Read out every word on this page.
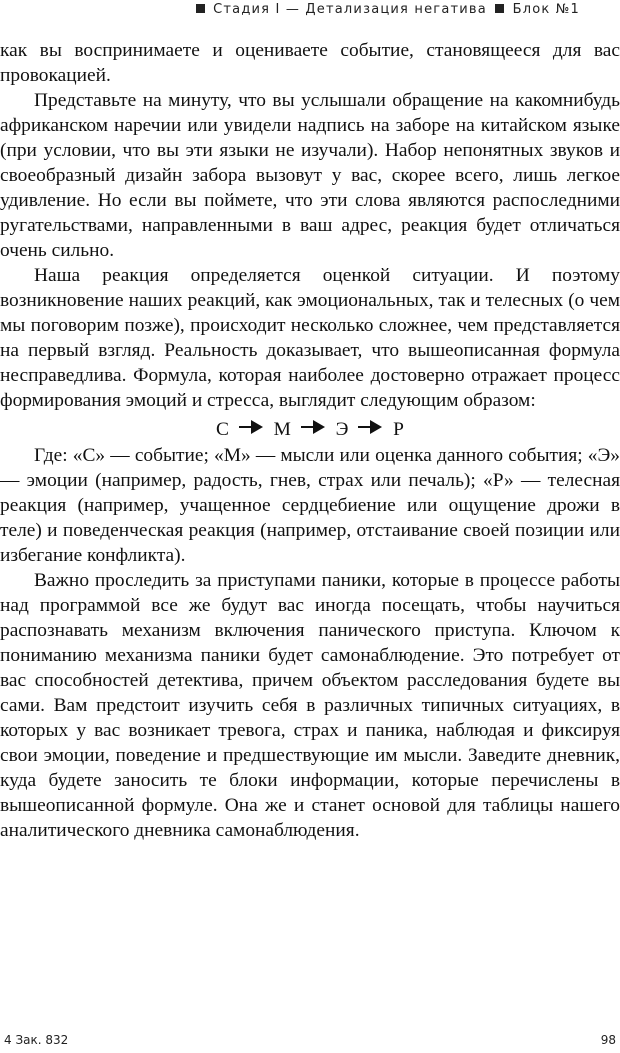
Стадия I — Детализация негатива Блок №1

как вы воспринимаете и оцениваете событие, становящееся для вас провокацией.

Представьте на минуту, что вы услышали обращение на какомнибудь африканском наречии или увидели надпись на заборе на китайском языке (при условии, что вы эти языки не изучали). Набор непонятных звуков и своеобразный дизайн забора вызовут у вас, скорее всего, лишь легкое удивление. Но если вы поймете, что эти слова являются распоследними ругательствами, направленными в ваш адрес, реакция будет отличаться очень сильно.

Наша реакция определяется оценкой ситуации. И поэтому возникновение наших реакций, как эмоциональных, так и телесных (о чем мы поговорим позже), происходит несколько сложнее, чем представляется на первый взгляд. Реальность доказывает, что вышеописанная формула несправедлива. Формула, которая наиболее достоверно отражает процесс формирования эмоций и стресса, выглядит следующим образом:

С М Э Р

Где: «С» — событие; «М» — мысли или оценка данного события; «Э» — эмоции (например, радость, гнев, страх или печаль); «Р» — телесная реакция (например, учащенное сердцебиение или ощущение дрожи в теле) и поведенческая реакция (например, отстаивание своей позиции или избегание конфликта).

Важно проследить за приступами паники, которые в процессе работы над программой все же будут вас иногда посещать, чтобы научиться распознавать механизм включения панического приступа. Ключом к пониманию механизма паники будет самонаблюдение. Это потребует от вас способностей детектива, причем объектом расследования будете вы сами. Вам предстоит изучить себя в различных типичных ситуациях, в которых у вас возникает тревога, страх и паника, наблюдая и фиксируя свои эмоции, поведение и предшествующие им мысли. Заведите дневник, куда будете заносить те блоки информации, которые перечислены в вышеописанной формуле. Она же и станет основой для таблицы нашего аналитического дневника самонаблюдения.

4 Зак. 832	98
